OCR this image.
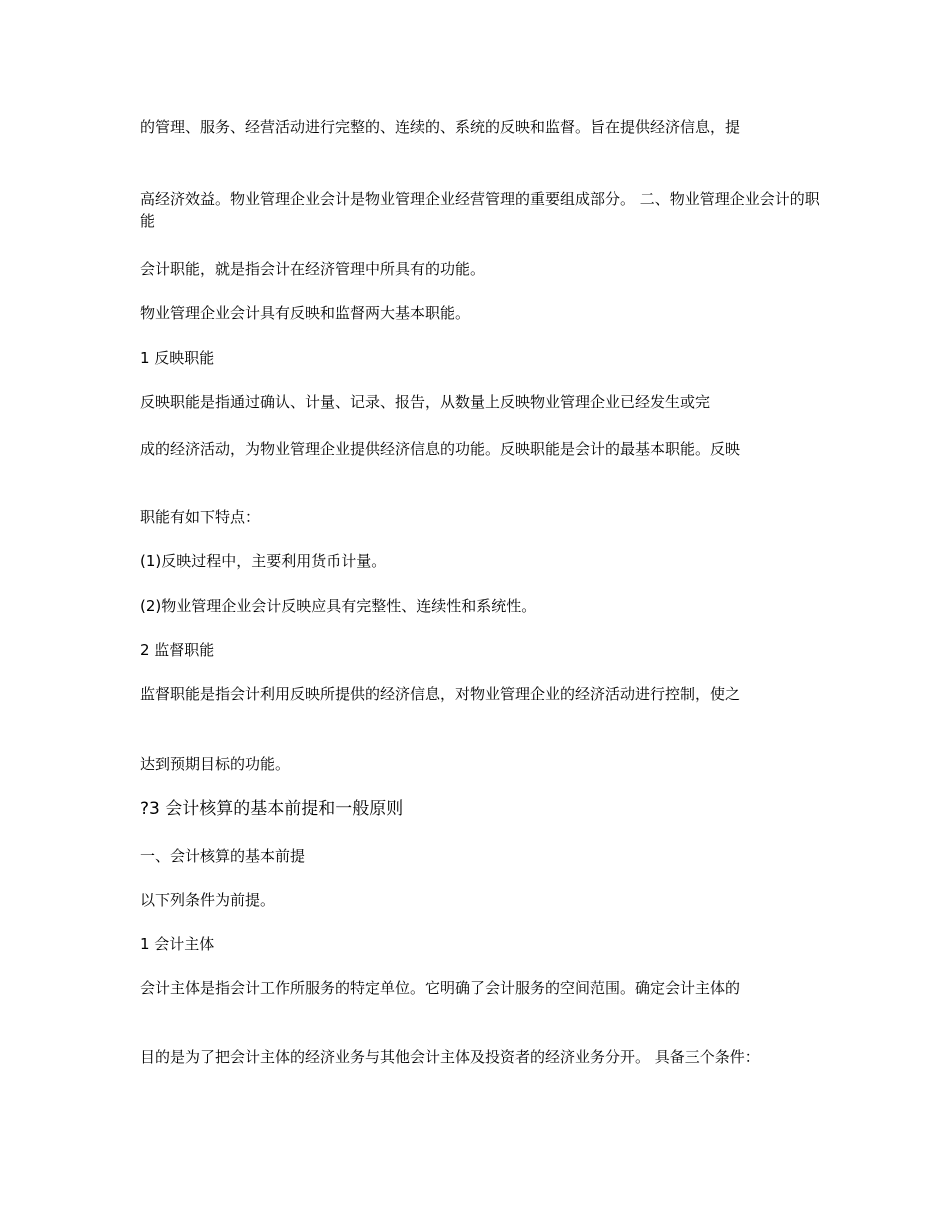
的管理、服务、经营活动进行完整的、连续的、系统的反映和监督。旨在提供经济信息，提

高经济效益。物业管理企业会计是物业管理企业经营管理的重要组成部分。 二、物业管理企业会计的职能

会计职能，就是指会计在经济管理中所具有的功能。

物业管理企业会计具有反映和监督两大基本职能。

1 反映职能

反映职能是指通过确认、计量、记录、报告，从数量上反映物业管理企业已经发生或完

成的经济活动，为物业管理企业提供经济信息的功能。反映职能是会计的最基本职能。反映

职能有如下特点：

(1)反映过程中，主要利用货币计量。

(2)物业管理企业会计反映应具有完整性、连续性和系统性。

2 监督职能

监督职能是指会计利用反映所提供的经济信息，对物业管理企业的经济活动进行控制，使之

达到预期目标的功能。

?3 会计核算的基本前提和一般原则

一、会计核算的基本前提

以下列条件为前提。

1 会计主体

会计主体是指会计工作所服务的特定单位。它明确了会计服务的空间范围。确定会计主体的

目的是为了把会计主体的经济业务与其他会计主体及投资者的经济业务分开。 具备三个条件：
